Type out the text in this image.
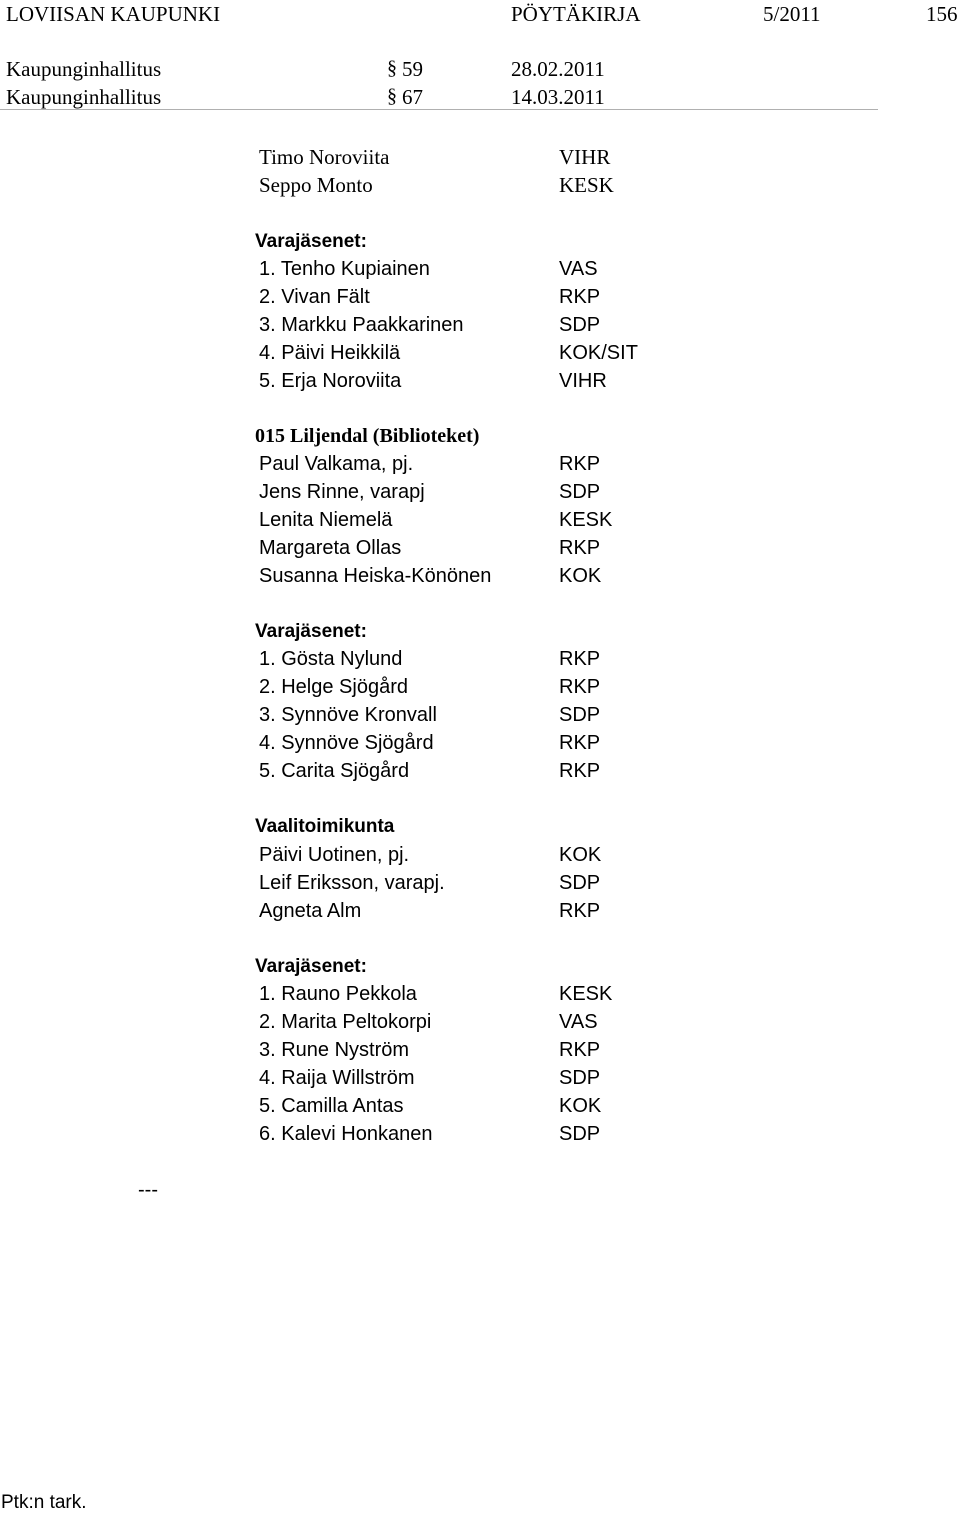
LOVIISAN KAUPUNKI	PÖYTÄKIRJA	5/2011	156
Kaupunginhallitus	§ 59	28.02.2011
Kaupunginhallitus	§ 67	14.03.2011
Timo Noroviita	VIHR
Seppo Monto	KESK
Varajäsenet:
1. Tenho Kupiainen	VAS
2. Vivan Fält	RKP
3. Markku Paakkarinen	SDP
4. Päivi Heikkilä	KOK/SIT
5. Erja Noroviita	VIHR
015 Liljendal (Biblioteket)
Paul Valkama, pj.	RKP
Jens Rinne, varapj	SDP
Lenita Niemelä	KESK
Margareta Ollas	RKP
Susanna Heiska-Könönen	KOK
Varajäsenet:
1. Gösta Nylund	RKP
2. Helge Sjögård	RKP
3. Synnöve Kronvall	SDP
4. Synnöve Sjögård	RKP
5. Carita Sjögård	RKP
Vaalitoimikunta
Päivi Uotinen, pj.	KOK
Leif Eriksson, varapj.	SDP
Agneta Alm	RKP
Varajäsenet:
1. Rauno Pekkola	KESK
2. Marita Peltokorpi	VAS
3. Rune Nyström	RKP
4. Raija Willström	SDP
5. Camilla Antas	KOK
6. Kalevi Honkanen	SDP
---
Ptk:n tark.
